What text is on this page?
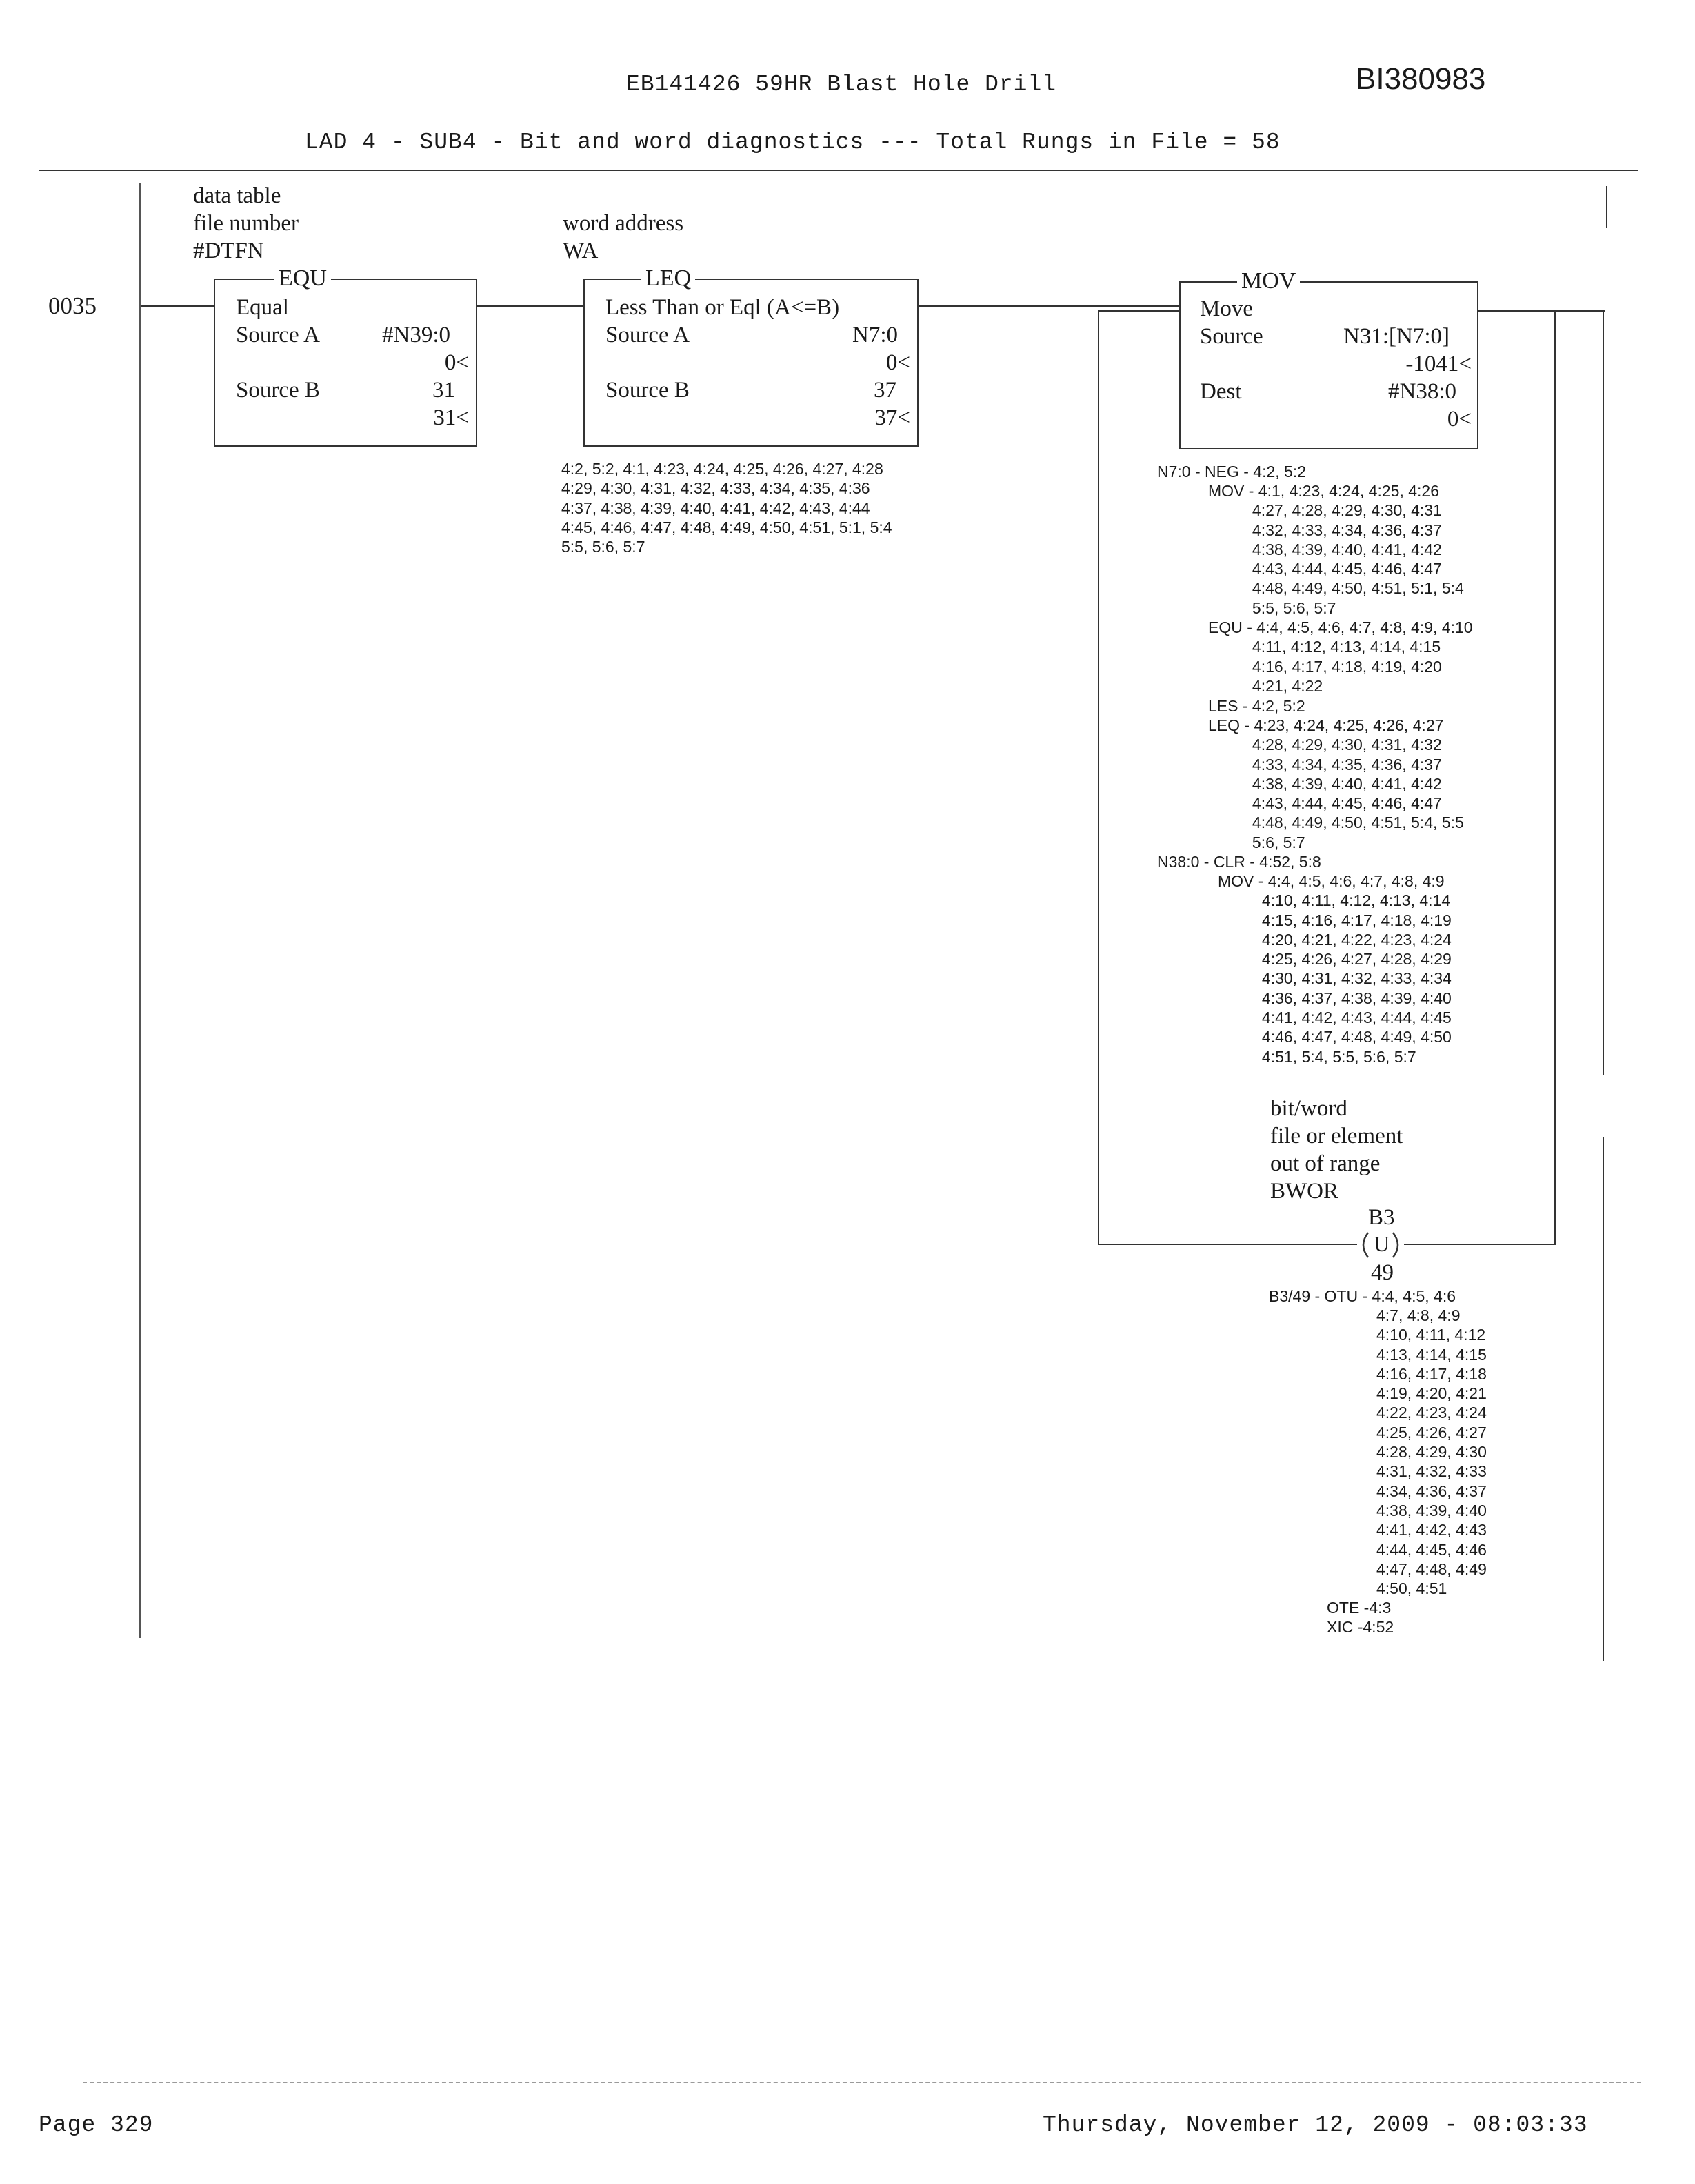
EB141426 59HR Blast Hole Drill	BI380983
LAD 4 - SUB4 - Bit and word diagnostics --- Total Rungs in File = 58
0035
data table
file number
#DTFN
EQU
Equal
Source A	#N39:0
0<
Source B	31
31<
word address
WA
LEQ
Less Than or Eql (A<=B)
Source A	N7:0
0<
Source B	37
37<
4:2, 5:2, 4:1, 4:23, 4:24, 4:25, 4:26, 4:27, 4:28
4:29, 4:30, 4:31, 4:32, 4:33, 4:34, 4:35, 4:36
4:37, 4:38, 4:39, 4:40, 4:41, 4:42, 4:43, 4:44
4:45, 4:46, 4:47, 4:48, 4:49, 4:50, 4:51, 5:1, 5:4
5:5, 5:6, 5:7
MOV
Move
Source	N31:[N7:0]
-1041<
Dest	#N38:0
0<
N7:0 - NEG - 4:2, 5:2
MOV - 4:1, 4:23, 4:24, 4:25, 4:26
4:27, 4:28, 4:29, 4:30, 4:31
4:32, 4:33, 4:34, 4:36, 4:37
4:38, 4:39, 4:40, 4:41, 4:42
4:43, 4:44, 4:45, 4:46, 4:47
4:48, 4:49, 4:50, 4:51, 5:1, 5:4
5:5, 5:6, 5:7
EQU - 4:4, 4:5, 4:6, 4:7, 4:8, 4:9, 4:10
4:11, 4:12, 4:13, 4:14, 4:15
4:16, 4:17, 4:18, 4:19, 4:20
4:21, 4:22
LES - 4:2, 5:2
LEQ - 4:23, 4:24, 4:25, 4:26, 4:27
4:28, 4:29, 4:30, 4:31, 4:32
4:33, 4:34, 4:35, 4:36, 4:37
4:38, 4:39, 4:40, 4:41, 4:42
4:43, 4:44, 4:45, 4:46, 4:47
4:48, 4:49, 4:50, 4:51, 5:4, 5:5
5:6, 5:7
N38:0 - CLR - 4:52, 5:8
MOV - 4:4, 4:5, 4:6, 4:7, 4:8, 4:9
4:10, 4:11, 4:12, 4:13, 4:14
4:15, 4:16, 4:17, 4:18, 4:19
4:20, 4:21, 4:22, 4:23, 4:24
4:25, 4:26, 4:27, 4:28, 4:29
4:30, 4:31, 4:32, 4:33, 4:34
4:36, 4:37, 4:38, 4:39, 4:40
4:41, 4:42, 4:43, 4:44, 4:45
4:46, 4:47, 4:48, 4:49, 4:50
4:51, 5:4, 5:5, 5:6, 5:7
bit/word
file or element
out of range
BWOR
B3
U
49
B3/49 - OTU - 4:4, 4:5, 4:6
4:7, 4:8, 4:9
4:10, 4:11, 4:12
4:13, 4:14, 4:15
4:16, 4:17, 4:18
4:19, 4:20, 4:21
4:22, 4:23, 4:24
4:25, 4:26, 4:27
4:28, 4:29, 4:30
4:31, 4:32, 4:33
4:34, 4:36, 4:37
4:38, 4:39, 4:40
4:41, 4:42, 4:43
4:44, 4:45, 4:46
4:47, 4:48, 4:49
4:50, 4:51
OTE -4:3
XIC -4:52
Page 329	Thursday, November 12, 2009 - 08:03:33
